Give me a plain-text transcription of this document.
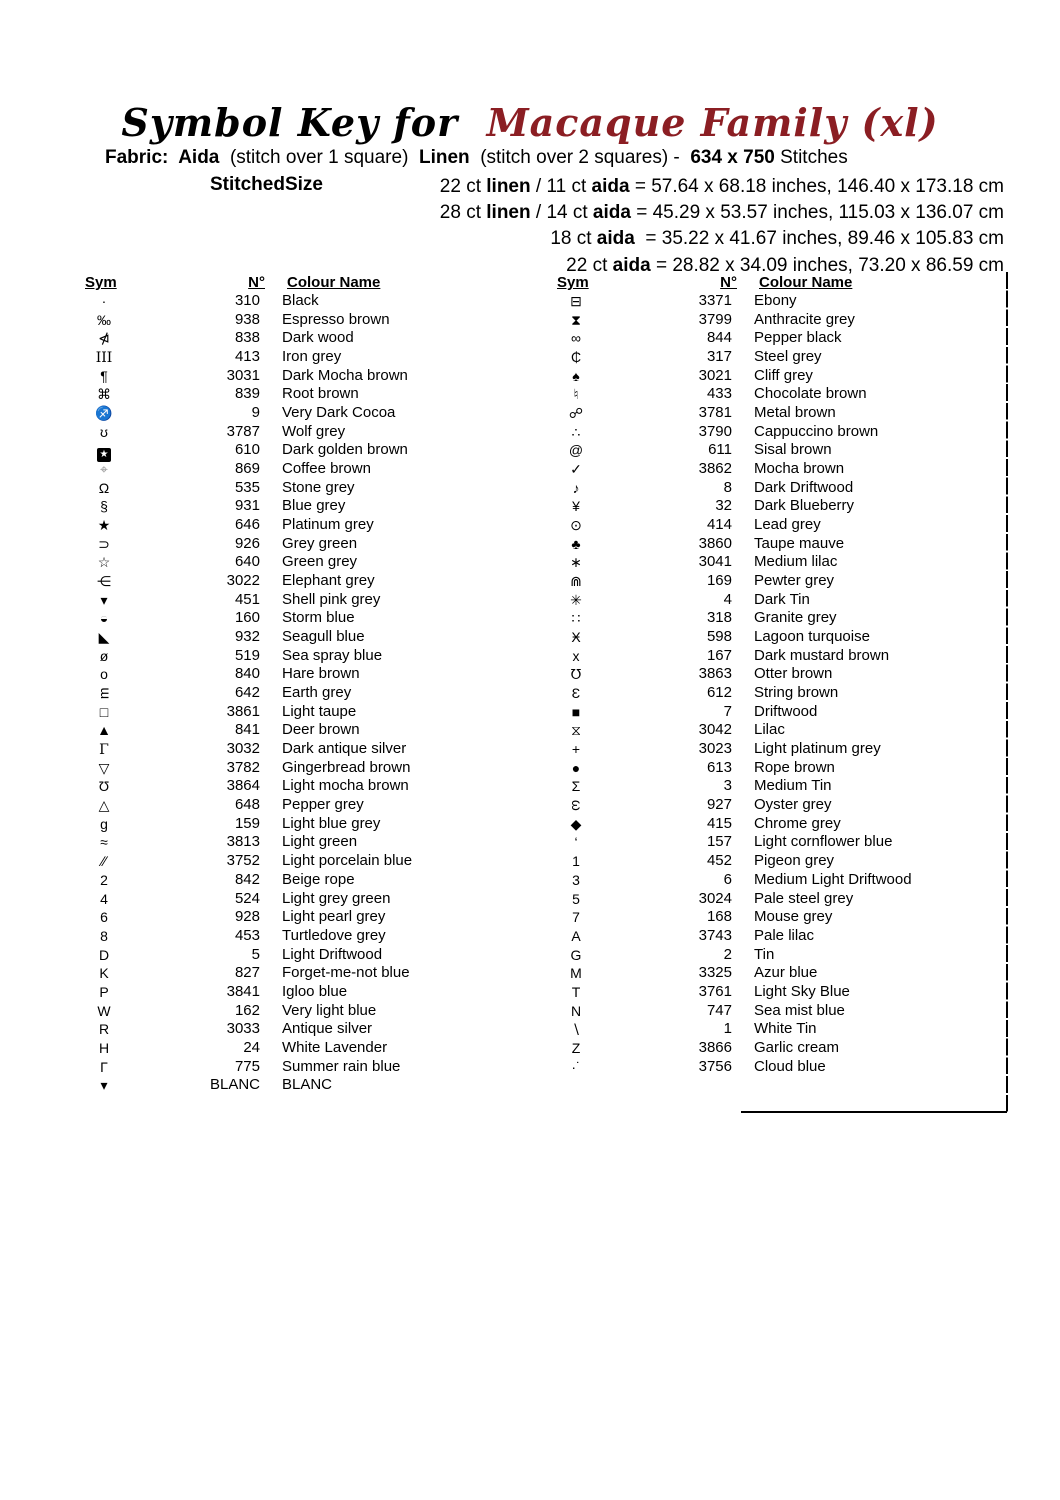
Symbol Key for  Macaque Family (xl)
Fabric:  Aida  (stitch over 1 square)  Linen  (stitch over 2 squares) -  634 x 750 Stitches
StitchedSize	22 ct linen / 11 ct aida = 57.64 x 68.18 inches, 146.40 x 173.18 cm
28 ct linen / 14 ct aida = 45.29 x 53.57 inches, 115.03 x 136.07 cm
18 ct aida  = 35.22 x 41.67 inches, 89.46 x 105.83 cm
22 ct aida = 28.82 x 34.09 inches, 73.20 x 86.59 cm
Sym	N°	Colour Name
·	310	Black
‰	938	Espresso brown
⋪	838	Dark wood
III	413	Iron grey
¶	3031	Dark Mocha brown
⌘	839	Root brown
♐	9	Very Dark Cocoa
ʊ	3787	Wolf grey
★	610	Dark golden brown
⌖	869	Coffee brown
Ω	535	Stone grey
§	931	Blue grey
★	646	Platinum grey
⊃	926	Grey green
☆	640	Green grey
⋲	3022	Elephant grey
▾	451	Shell pink grey
◒	160	Storm blue
◣	932	Seagull blue
ø	519	Sea spray blue
o	840	Hare brown
m	642	Earth grey
□	3861	Light taupe
▲	841	Deer brown
Γ	3032	Dark antique silver
▽	3782	Gingerbread brown
Ʊ	3864	Light mocha brown
△	648	Pepper grey
g	159	Light blue grey
≈	3813	Light green
∕∕	3752	Light porcelain blue
2	842	Beige rope
4	524	Light grey green
6	928	Light pearl grey
8	453	Turtledove grey
D	5	Light Driftwood
K	827	Forget-me-not blue
P	3841	Igloo blue
W	162	Very light blue
R	3033	Antique silver
H	24	White Lavender
Γ	775	Summer rain blue
▾	BLANC	BLANC
Sym	N°	Colour Name
⊟	3371	Ebony
⧗	3799	Anthracite grey
∞	844	Pepper black
₵	317	Steel grey
♠	3021	Cliff grey
♮	433	Chocolate brown
☍	3781	Metal brown
∴	3790	Cappuccino brown
@	611	Sisal brown
✓	3862	Mocha brown
♪	8	Dark Driftwood
¥	32	Dark Blueberry
⊙	414	Lead grey
♣	3860	Taupe mauve
∗	3041	Medium lilac
⋒	169	Pewter grey
✳	4	Dark Tin
∷	318	Granite grey
Ӿ	598	Lagoon turquoise
x	167	Dark mustard brown
℧	3863	Otter brown
Ɛ	612	String brown
■	7	Driftwood
⧖	3042	Lilac
+	3023	Light platinum grey
●	613	Rope brown
Σ	3	Medium Tin
ω	927	Oyster grey
◆	415	Chrome grey
‘	157	Light cornflower blue
1	452	Pigeon grey
3	6	Medium Light Driftwood
5	3024	Pale steel grey
7	168	Mouse grey
A	3743	Pale lilac
G	2	Tin
M	3325	Azur blue
T	3761	Light Sky Blue
N	747	Sea mist blue
∖	1	White Tin
Z	3866	Garlic cream
·˙	3756	Cloud blue
